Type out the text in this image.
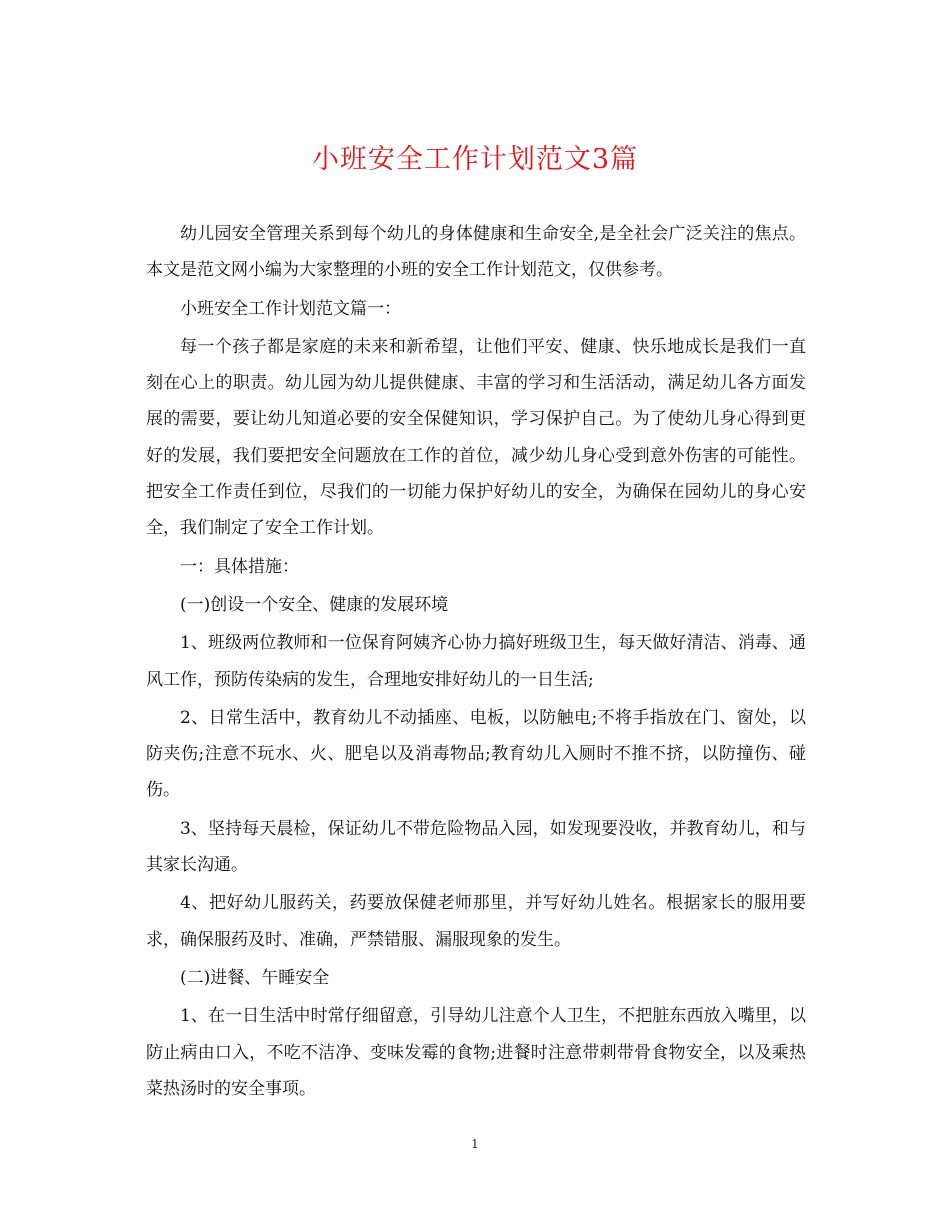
小班安全工作计划范文3篇

幼儿园安全管理关系到每个幼儿的身体健康和生命安全,是全社会广泛关注的焦点。本文是范文网小编为大家整理的小班的安全工作计划范文，仅供参考。

小班安全工作计划范文篇一：

每一个孩子都是家庭的未来和新希望，让他们平安、健康、快乐地成长是我们一直刻在心上的职责。幼儿园为幼儿提供健康、丰富的学习和生活活动，满足幼儿各方面发展的需要，要让幼儿知道必要的安全保健知识，学习保护自己。为了使幼儿身心得到更好的发展，我们要把安全问题放在工作的首位，减少幼儿身心受到意外伤害的可能性。把安全工作责任到位，尽我们的一切能力保护好幼儿的安全，为确保在园幼儿的身心安全，我们制定了安全工作计划。

一：具体措施：

(一)创设一个安全、健康的发展环境

1、班级两位教师和一位保育阿姨齐心协力搞好班级卫生，每天做好清洁、消毒、通风工作，预防传染病的发生，合理地安排好幼儿的一日生活;

2、日常生活中，教育幼儿不动插座、电板，以防触电;不将手指放在门、窗处，以防夹伤;注意不玩水、火、肥皂以及消毒物品;教育幼儿入厕时不推不挤，以防撞伤、碰伤。

3、坚持每天晨检，保证幼儿不带危险物品入园，如发现要没收，并教育幼儿，和与其家长沟通。

4、把好幼儿服药关，药要放保健老师那里，并写好幼儿姓名。根据家长的服用要求，确保服药及时、准确，严禁错服、漏服现象的发生。

(二)进餐、午睡安全

1、在一日生活中时常仔细留意，引导幼儿注意个人卫生，不把脏东西放入嘴里，以防止病由口入，不吃不洁净、变味发霉的食物;进餐时注意带刺带骨食物安全，以及乘热菜热汤时的安全事项。

1
